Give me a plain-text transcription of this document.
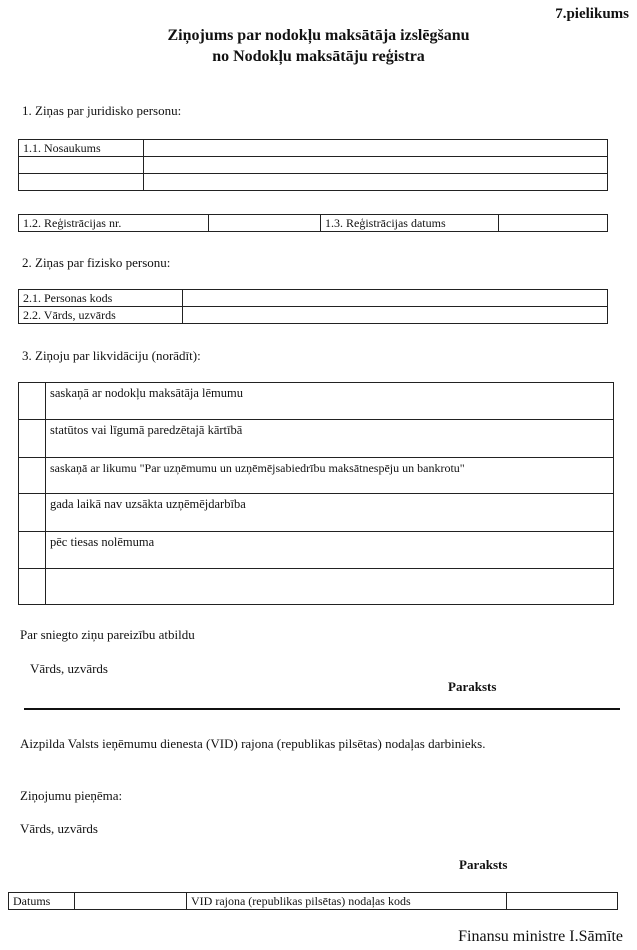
7.pielikums
Ziņojums par nodokļu maksātāja izslēgšanu
no Nodokļu maksātāju reģistra
1. Ziņas par juridisko personu:
1.1. Nosaukums	

1.2. Reģistrācijas nr.		1.3. Reģistrācijas datums	
2. Ziņas par fizisko personu:
2.1. Personas kods	
2.2. Vārds, uzvārds	
3. Ziņoju par likvidāciju (norādīt):
	saskaņā ar nodokļu maksātāja lēmumu
	statūtos vai līgumā paredzētajā kārtībā
	saskaņā ar likumu "Par uzņēmumu un uzņēmējsabiedrību maksātnespēju un bankrotu"
	gada laikā nav uzsākta uzņēmējdarbība
	pēc tiesas nolēmuma

Par sniegto ziņu pareizību atbildu
Vārds, uzvārds
Paraksts
Aizpilda Valsts ieņēmumu dienesta (VID) rajona (republikas pilsētas) nodaļas darbinieks.
Ziņojumu pieņēma:
Vārds, uzvārds
Paraksts
Datums		VID rajona (republikas pilsētas) nodaļas kods	
Finansu ministre I.Sāmīte
